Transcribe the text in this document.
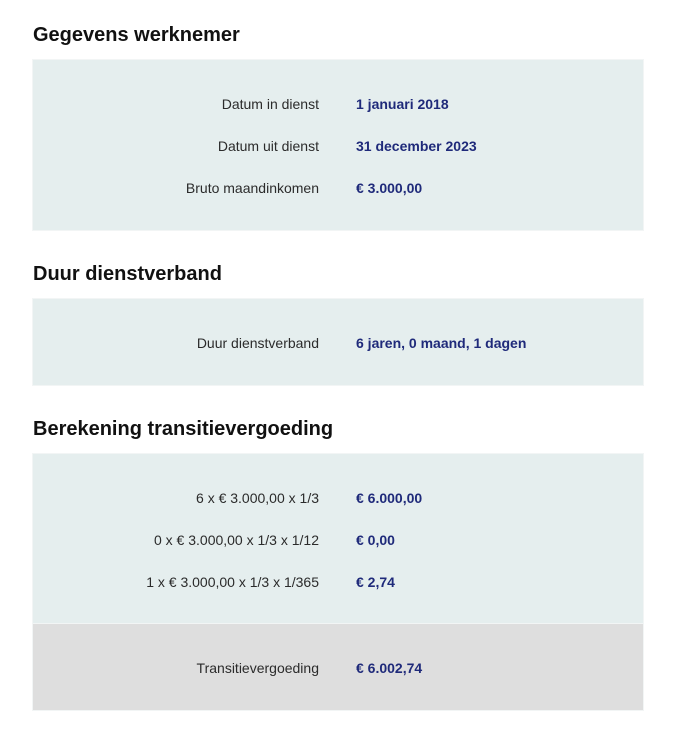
Gegevens werknemer
Datum in dienst	1 januari 2018
Datum uit dienst	31 december 2023
Bruto maandinkomen	€ 3.000,00
Duur dienstverband
Duur dienstverband	6 jaren, 0 maand, 1 dagen
Berekening transitievergoeding
6 x € 3.000,00 x 1/3	€ 6.000,00
0 x € 3.000,00 x 1/3 x 1/12	€ 0,00
1 x € 3.000,00 x 1/3 x 1/365	€ 2,74
Transitievergoeding	€ 6.002,74
